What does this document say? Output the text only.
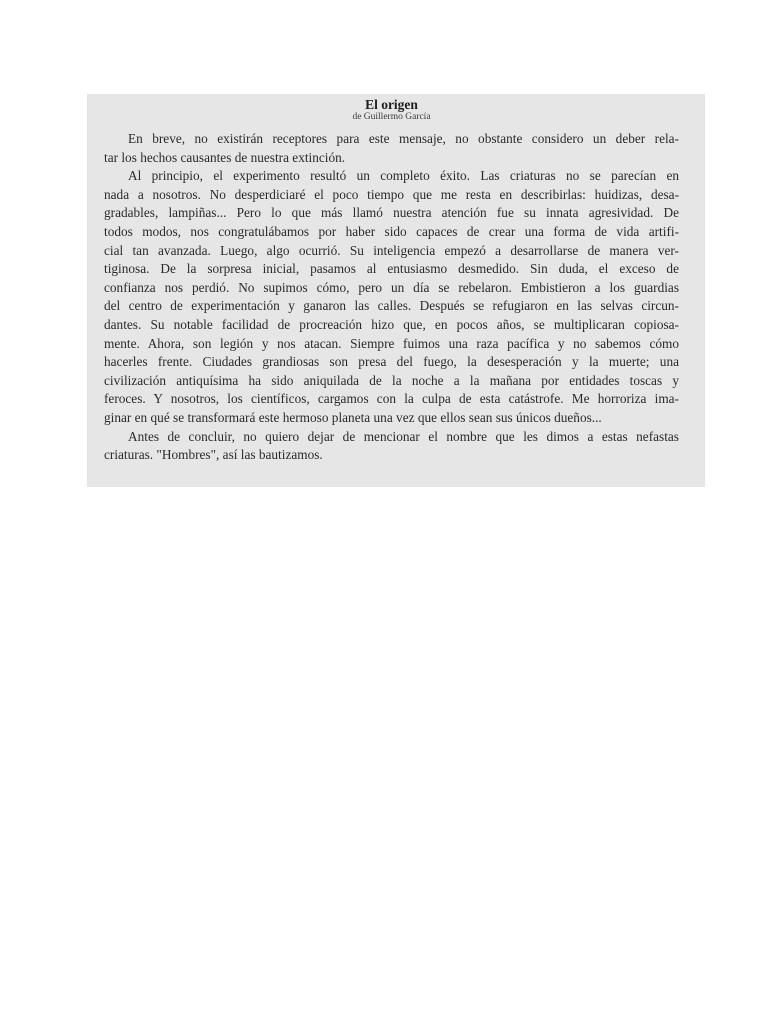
El origen

de Guillermo García

En breve, no existirán receptores para este mensaje, no obstante considero un deber rela-
tar los hechos causantes de nuestra extinción.

Al principio, el experimento resultó un completo éxito. Las criaturas no se parecían en
nada a nosotros. No desperdiciaré el poco tiempo que me resta en describirlas: huidizas, desa-
gradables, lampiñas... Pero lo que más llamó nuestra atención fue su innata agresividad. De
todos modos, nos congratulábamos por haber sido capaces de crear una forma de vida artifi-
cial tan avanzada. Luego, algo ocurrió. Su inteligencia empezó a desarrollarse de manera ver-
tiginosa. De la sorpresa inicial, pasamos al entusiasmo desmedido. Sin duda, el exceso de
confianza nos perdió. No supimos cómo, pero un día se rebelaron. Embistieron a los guardias
del centro de experimentación y ganaron las calles. Después se refugiaron en las selvas circun-
dantes. Su notable facilidad de procreación hizo que, en pocos años, se multiplicaran copiosa-
mente. Ahora, son legión y nos atacan. Siempre fuimos una raza pacífica y no sabemos cómo
hacerles frente. Ciudades grandiosas son presa del fuego, la desesperación y la muerte; una
civilización antiquísima ha sido aniquilada de la noche a la mañana por entidades toscas y
feroces. Y nosotros, los científicos, cargamos con la culpa de esta catástrofe. Me horroriza ima-
ginar en qué se transformará este hermoso planeta una vez que ellos sean sus únicos dueños...

Antes de concluir, no quiero dejar de mencionar el nombre que les dimos a estas nefastas
criaturas. "Hombres", así las bautizamos.
